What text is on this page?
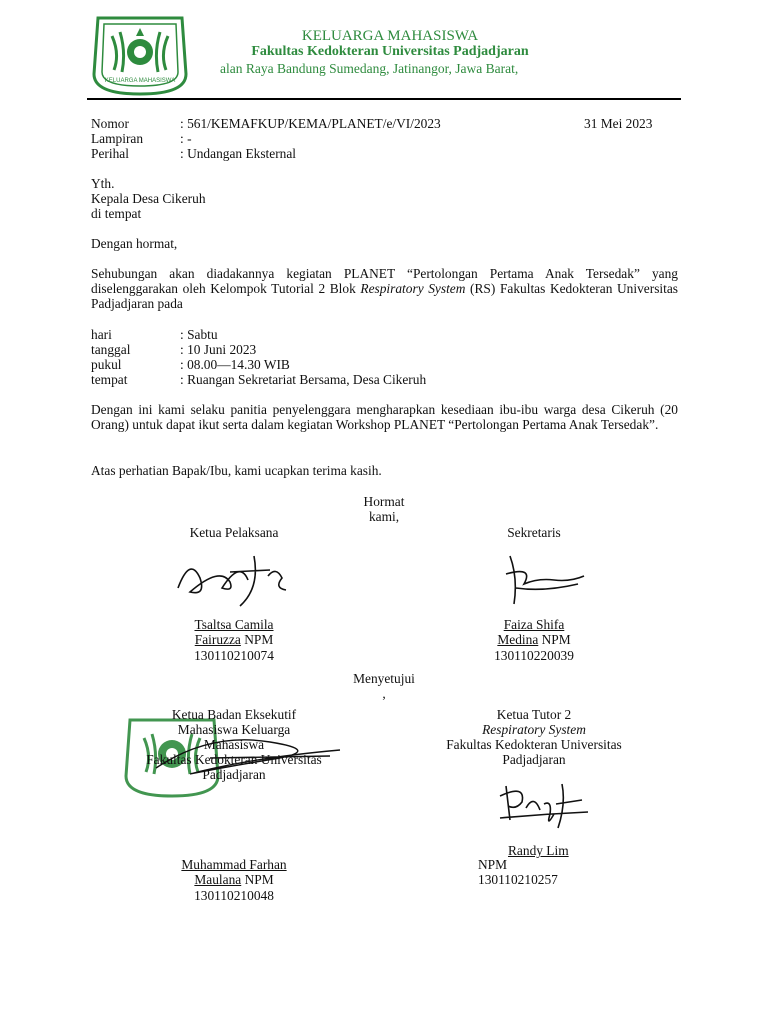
KELUARGA MAHASISWA
KELUARGA MAHASISWA
Fakultas Kedokteran Universitas Padjadjaran
alan Raya Bandung Sumedang, Jatinangor, Jawa Barat,
Nomor	: 561/KEMAFKUP/KEMA/PLANET/e/VI/2023	31 Mei 2023
Lampiran	: -
Perihal	: Undangan Eksternal
Yth.
Kepala Desa Cikeruh
di tempat
Dengan hormat,
Sehubungan akan diadakannya kegiatan PLANET “Pertolongan Pertama Anak Tersedak” yang diselenggarakan oleh Kelompok Tutorial 2 Blok Respiratory System (RS) Fakultas Kedokteran Universitas Padjadjaran pada
hari	: Sabtu
tanggal	: 10 Juni 2023
pukul	: 08.00—14.30 WIB
tempat	: Ruangan Sekretariat Bersama, Desa Cikeruh
Dengan ini kami selaku panitia penyelenggara mengharapkan kesediaan ibu-ibu warga desa Cikeruh (20 Orang) untuk dapat ikut serta dalam kegiatan Workshop PLANET “Pertolongan Pertama Anak Tersedak”.
Atas perhatian Bapak/Ibu, kami ucapkan terima kasih.
Hormat
kami,
Ketua Pelaksana
Tsaltsa Camila
Fairuzza NPM
130110210074
Sekretaris
Faiza Shifa
Medina NPM
130110220039
Menyetujui
,
Ketua Badan Eksekutif
Mahasiswa Keluarga
Mahasiswa
Fakultas Kedokteran Universitas
Padjadjaran
Muhammad Farhan
Maulana NPM
130110210048
Ketua Tutor 2
Respiratory System
Fakultas Kedokteran Universitas
Padjadjaran
Randy Lim
NPM
130110210257
